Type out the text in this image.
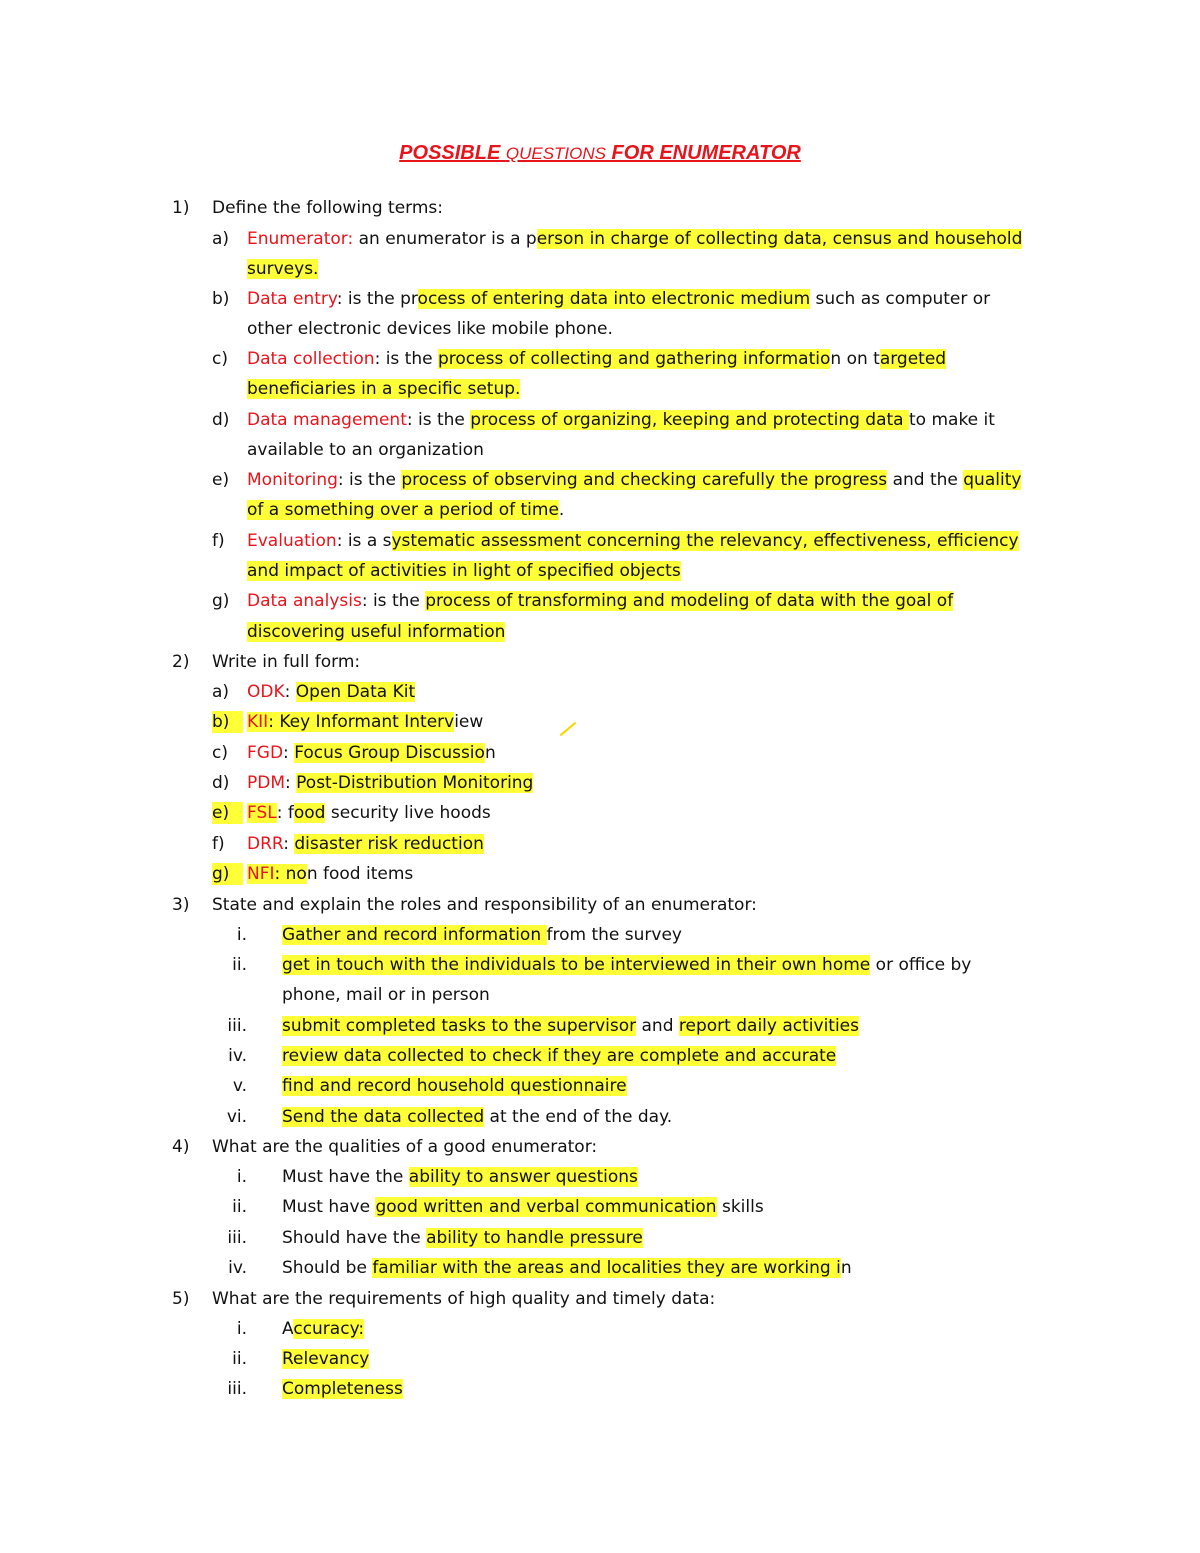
POSSIBLE QUESTIONS FOR ENUMERATOR
1) Define the following terms:
a) Enumerator: an enumerator is a person in charge of collecting data, census and household
surveys.
b) Data entry: is the process of entering data into electronic medium such as computer or
other electronic devices like mobile phone.
c) Data collection: is the process of collecting and gathering information on targeted
beneficiaries in a specific setup.
d) Data management: is the process of organizing, keeping and protecting data to make it
available to an organization
e) Monitoring: is the process of observing and checking carefully the progress and the quality
of a something over a period of time.
f) Evaluation: is a systematic assessment concerning the relevancy, effectiveness, efficiency
and impact of activities in light of specified objects
g) Data analysis: is the process of transforming and modeling of data with the goal of
discovering useful information
2) Write in full form:
a) ODK: Open Data Kit
b)	KII: Key Informant Interview
c) FGD: Focus Group Discussion
d) PDM: Post-Distribution Monitoring
e)	FSL: food security live hoods
f) DRR: disaster risk reduction
g)	NFI: non food items
3) State and explain the roles and responsibility of an enumerator:
i. Gather and record information from the survey
ii. get in touch with the individuals to be interviewed in their own home or office by
phone, mail or in person
iii. submit completed tasks to the supervisor and report daily activities
iv. review data collected to check if they are complete and accurate
v. find and record household questionnaire
vi. Send the data collected at the end of the day.
4) What are the qualities of a good enumerator:
i. Must have the ability to answer questions
ii. Must have good written and verbal communication skills
iii. Should have the ability to handle pressure
iv. Should be familiar with the areas and localities they are working in
5) What are the requirements of high quality and timely data:
i. Accuracy:
ii. Relevancy
iii. Completeness
